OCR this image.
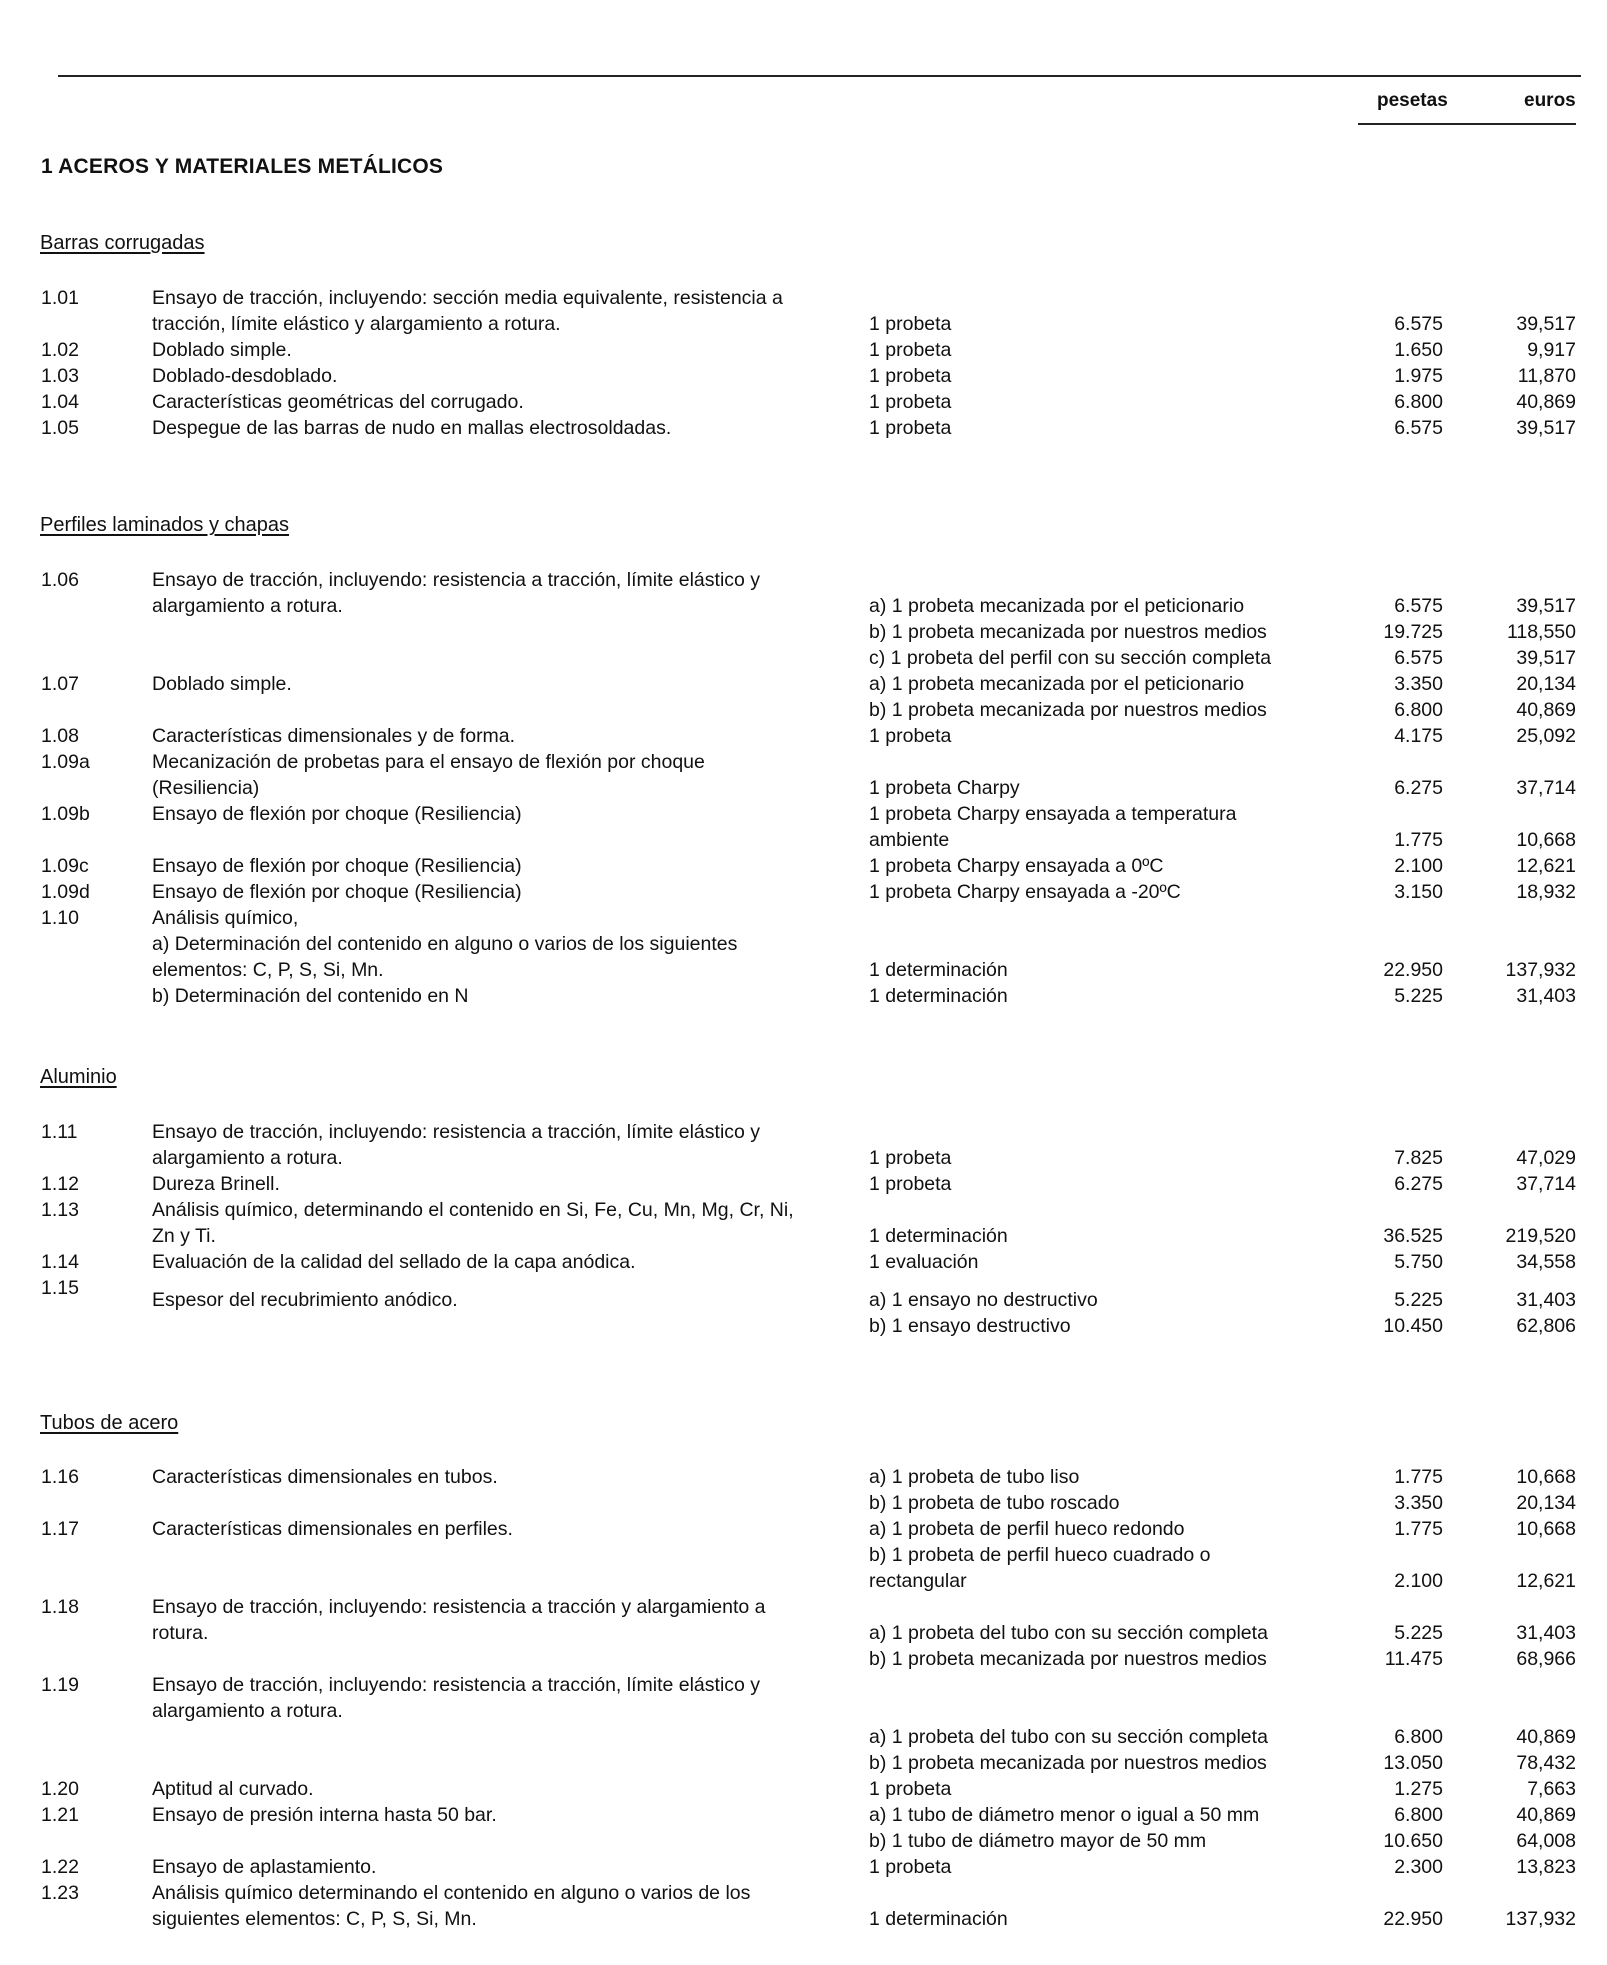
pesetas	euros
1 ACEROS Y MATERIALES METÁLICOS
Barras corrugadas
Perfiles laminados y chapas
Aluminio
Tubos de acero
1.01	Ensayo de tracción, incluyendo: sección media equivalente, resistencia a
tracción, límite elástico y alargamiento a rotura.	1 probeta	6.575	39,517
1.02	Doblado simple.	1 probeta	1.650	9,917
1.03	Doblado-desdoblado.	1 probeta	1.975	11,870
1.04	Características geométricas del corrugado.	1 probeta	6.800	40,869
1.05	Despegue de las barras de nudo en mallas electrosoldadas.	1 probeta	6.575	39,517
1.06	Ensayo de tracción, incluyendo: resistencia a tracción, límite elástico y
alargamiento a rotura.	a) 1 probeta mecanizada por el peticionario	6.575	39,517
b) 1 probeta mecanizada por nuestros medios	19.725	118,550
c) 1 probeta del perfil con su sección completa	6.575	39,517
1.07	Doblado simple.	a) 1 probeta mecanizada por el peticionario	3.350	20,134
b) 1 probeta mecanizada por nuestros medios	6.800	40,869
1.08	Características dimensionales y de forma.	1 probeta	4.175	25,092
1.09a	Mecanización de probetas para el ensayo de flexión por choque
(Resiliencia)	1 probeta Charpy	6.275	37,714
1.09b	Ensayo de flexión por choque (Resiliencia)	1 probeta Charpy ensayada a temperatura
ambiente	1.775	10,668
1.09c	Ensayo de flexión por choque (Resiliencia)	1 probeta Charpy ensayada a 0ºC	2.100	12,621
1.09d	Ensayo de flexión por choque (Resiliencia)	1 probeta Charpy ensayada a -20ºC	3.150	18,932
1.10	Análisis químico,
a) Determinación del contenido en alguno o varios de los siguientes
elementos: C, P, S, Si, Mn.	1 determinación	22.950	137,932
b) Determinación del contenido en N	1 determinación	5.225	31,403
1.11	Ensayo de tracción, incluyendo: resistencia a tracción, límite elástico y
alargamiento a rotura.	1 probeta	7.825	47,029
1.12	Dureza Brinell.	1 probeta	6.275	37,714
1.13	Análisis químico, determinando el contenido en Si, Fe, Cu, Mn, Mg, Cr, Ni,
Zn y Ti.	1 determinación	36.525	219,520
1.14	Evaluación de la calidad del sellado de la capa anódica.	1 evaluación	5.750	34,558
1.15
Espesor del recubrimiento anódico.	a) 1 ensayo no destructivo	5.225	31,403
b) 1 ensayo destructivo	10.450	62,806
1.16	Características dimensionales en tubos.	a) 1 probeta de tubo liso	1.775	10,668
b) 1 probeta de tubo roscado	3.350	20,134
1.17	Características dimensionales en perfiles.	a) 1 probeta de perfil hueco redondo	1.775	10,668
b) 1 probeta de perfil hueco cuadrado o
rectangular	2.100	12,621
1.18	Ensayo de tracción, incluyendo: resistencia a tracción y alargamiento a
rotura.	a) 1 probeta del tubo con su sección completa	5.225	31,403
b) 1 probeta mecanizada por nuestros medios	11.475	68,966
1.19	Ensayo de tracción, incluyendo: resistencia a tracción, límite elástico y
alargamiento a rotura.
a) 1 probeta del tubo con su sección completa	6.800	40,869
b) 1 probeta mecanizada por nuestros medios	13.050	78,432
1.20	Aptitud al curvado.	1 probeta	1.275	7,663
1.21	Ensayo de presión interna hasta 50 bar.	a) 1 tubo de diámetro menor o igual a 50 mm	6.800	40,869
b) 1 tubo de diámetro mayor de 50 mm	10.650	64,008
1.22	Ensayo de aplastamiento.	1 probeta	2.300	13,823
1.23	Análisis químico determinando el contenido en alguno o varios de los
siguientes elementos: C, P, S, Si, Mn.	1 determinación	22.950	137,932
